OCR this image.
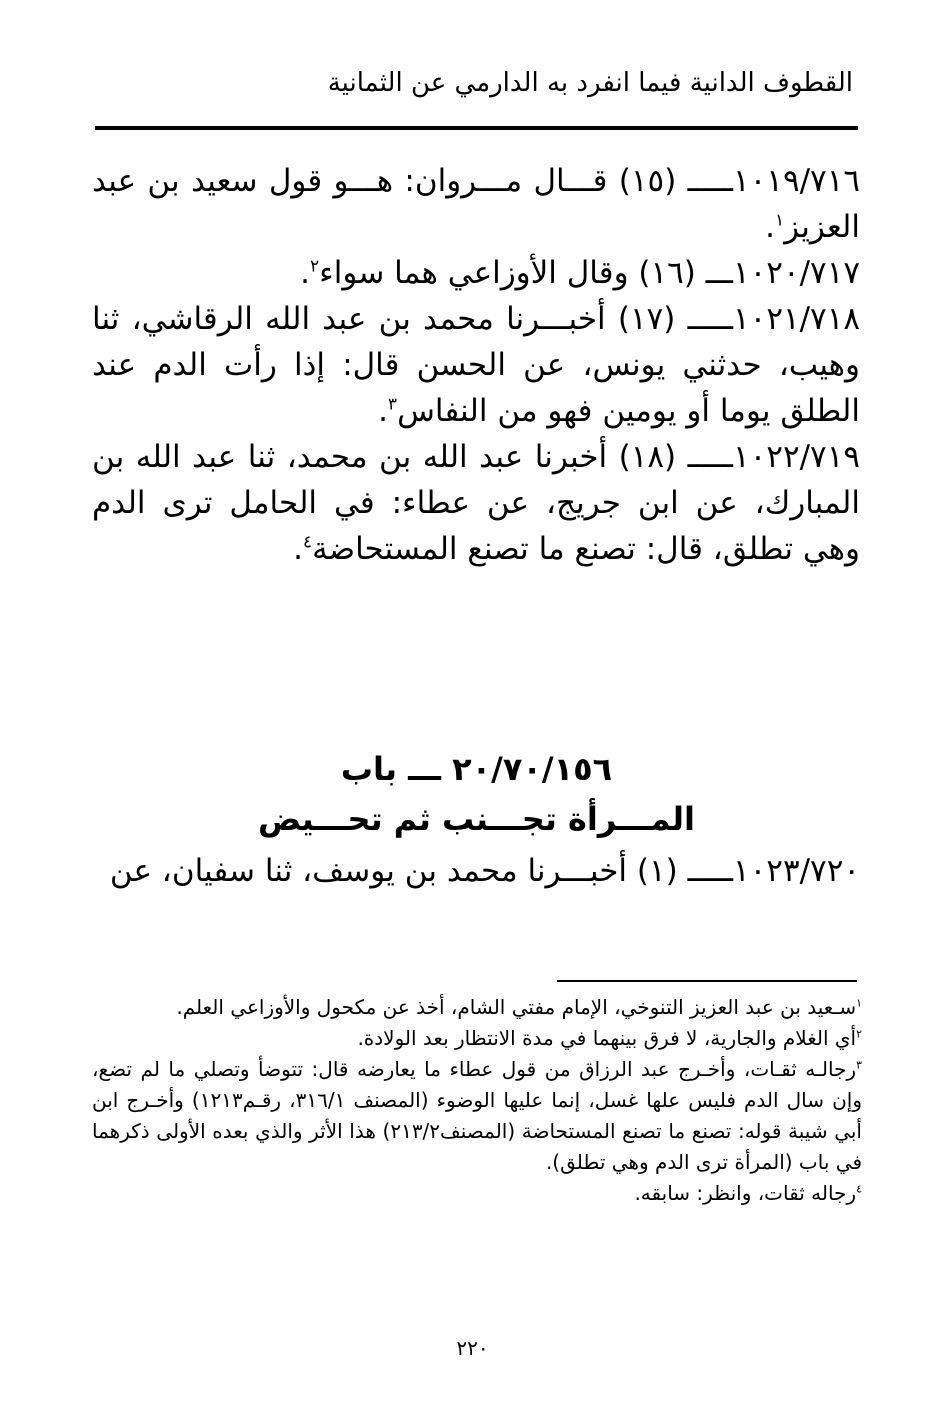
القطوف الدانية فيما انفرد به الدارمي عن الثمانية

١٠١٩/٧١٦ـــــ (١٥) قـــال مـــروان: هـــو قول سعيد بن عبد العزيز$^١$.

١٠٢٠/٧١٧ـــ (١٦) وقال الأوزاعي هما سواء$^٢$.

١٠٢١/٧١٨ـــــ (١٧) أخبـــرنا محمد بن عبد الله الرقاشي، ثنا وهيب، حدثني يونس، عن الحسن قال: إذا رأت الدم عند الطلق يوما أو يومين فهو من النفاس$^٣$.

١٠٢٢/٧١٩ـــــ (١٨) أخبرنا عبد الله بن محمد، ثنا عبد الله بن المبارك، عن ابن جريج، عن عطاء: في الحامل ترى الدم وهي تطلق، قال: تصنع ما تصنع المستحاضة$^٤$.

٢٠/٧٠/١٥٦ ـــ باب
المـــرأة تجـــنب ثم تحـــيض

١٠٢٣/٧٢٠ـــــ (١) أخبـــرنا محمد بن يوسف، ثنا سفيان، عن

$^١$سـعيد بن عبد العزيز التنوخي، الإمام مفتي الشام، أخذ عن مكحول والأوزاعي العلم.

$^٢$أي الغلام والجارية، لا فرق بينهما في مدة الانتظار بعد الولادة.

$^٣$رجالـه ثقـات، وأخـرج عبد الرزاق من قول عطاء ما يعارضه قال: تتوضأ وتصلي ما لم تضع، وإن سال الدم فليس علها غسل، إنما عليها الوضوء (المصنف ٣١٦/١، رقـم١٢١٣) وأخـرج ابن أبي شيبة قوله: تصنع ما تصنع المستحاضة (المصنف٢١٣/٢) هذا الأثر والذي بعده الأولى ذكرهما في باب (المرأة ترى الدم وهي تطلق).

$^٤$رجاله ثقات، وانظر: سابقه.

٢٢٠
